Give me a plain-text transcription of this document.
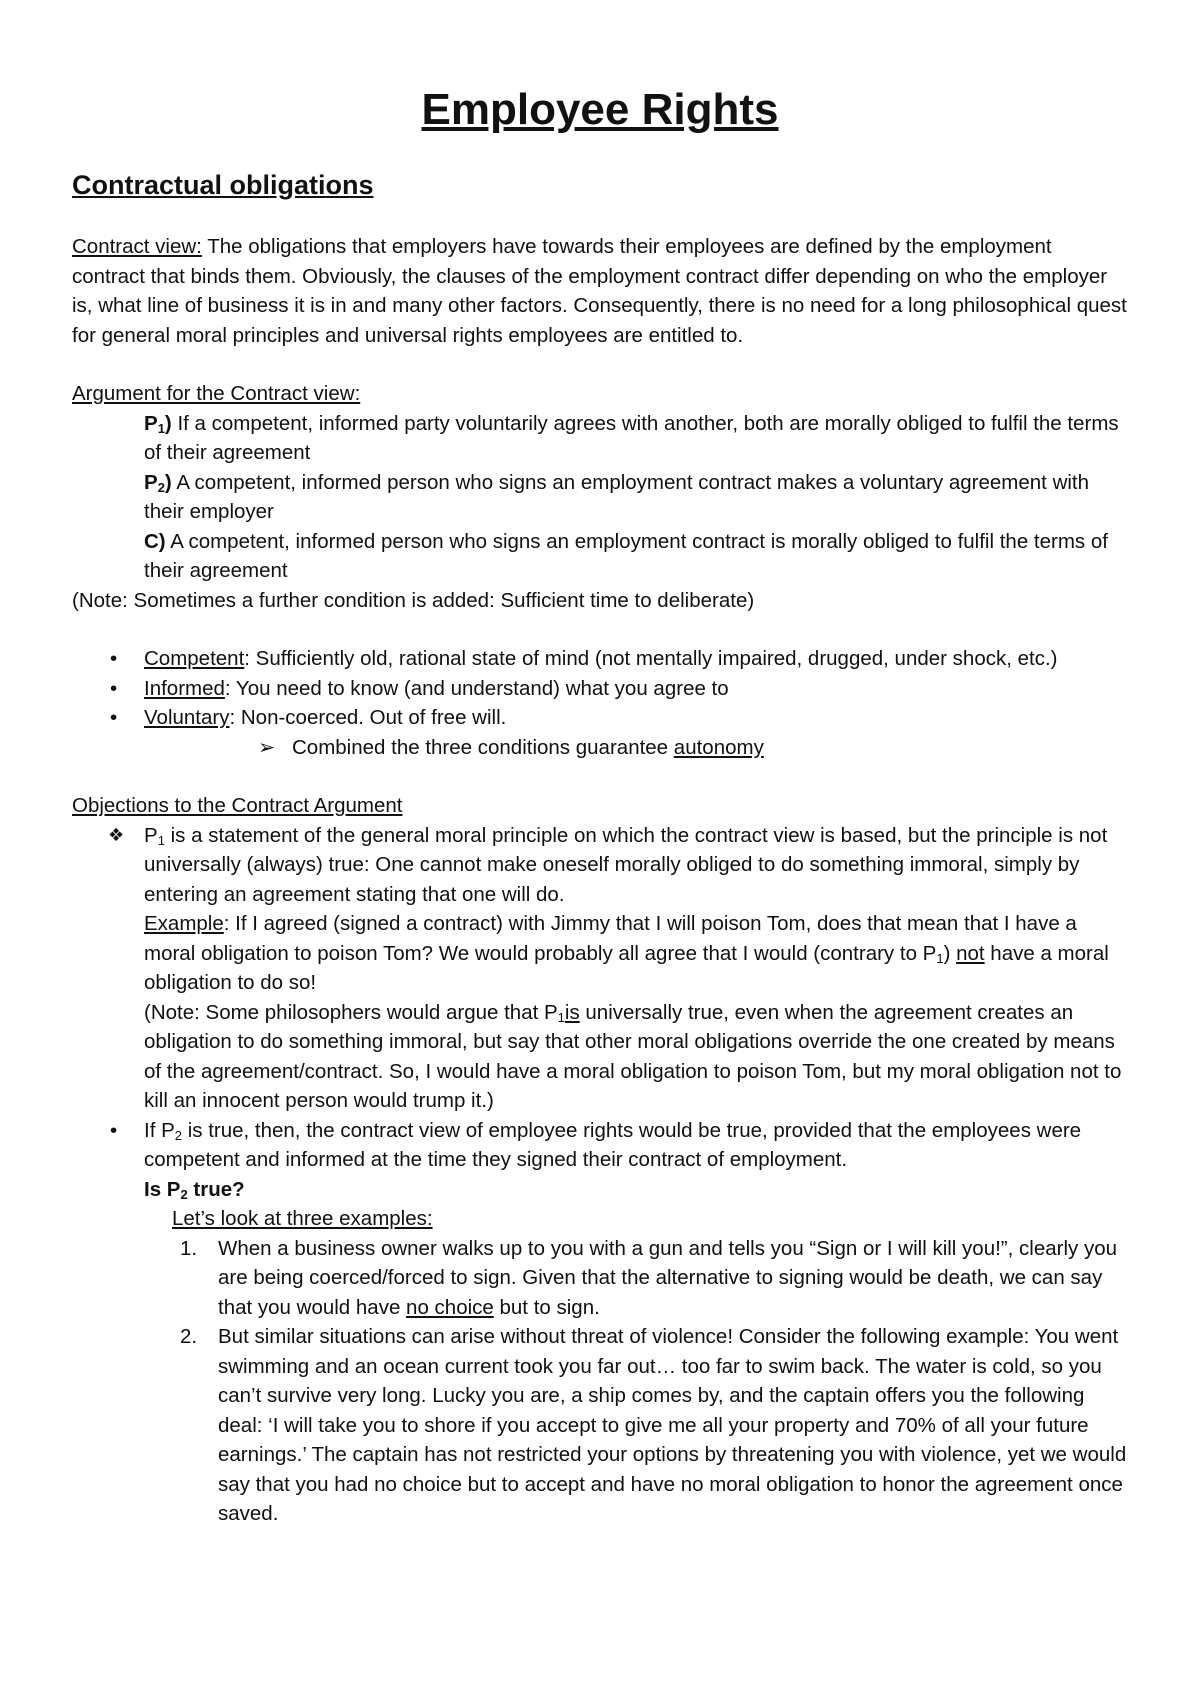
Employee Rights
Contractual obligations

Contract view: The obligations that employers have towards their employees are defined by the employment contract that binds them. Obviously, the clauses of the employment contract differ depending on who the employer is, what line of business it is in and many other factors. Consequently, there is no need for a long philosophical quest for general moral principles and universal rights employees are entitled to.

Argument for the Contract view:

$P_1$) If a competent, informed party voluntarily agrees with another, both are morally obliged to fulfil the terms of their agreement

$P_2$) A competent, informed person who signs an employment contract makes a voluntary agreement with their employer

C) A competent, informed person who signs an employment contract is morally obliged to fulfil the terms of their agreement

(Note: Sometimes a further condition is added: Sufficient time to deliberate)

•	Competent: Sufficiently old, rational state of mind (not mentally impaired, drugged, under shock, etc.)
•	Informed: You need to know (and understand) what you agree to
•	Voluntary: Non-coerced. Out of free will.
➢ Combined the three conditions guarantee autonomy

Objections to the Contract Argument

❖ $P_1$ is a statement of the general moral principle on which the contract view is based, but the principle is not universally (always) true: One cannot make oneself morally obliged to do something immoral, simply by entering an agreement stating that one will do.
Example: If I agreed (signed a contract) with Jimmy that I will poison Tom, does that mean that I have a moral obligation to poison Tom? We would probably all agree that I would (contrary to $P_1$) not have a moral obligation to do so!
(Note: Some philosophers would argue that $P_1is$ universally true, even when the agreement creates an obligation to do something immoral, but say that other moral obligations override the one created by means of the agreement/contract. So, I would have a moral obligation to poison Tom, but my moral obligation not to kill an innocent person would trump it.)
•	If $P_2$ is true, then, the contract view of employee rights would be true, provided that the employees were competent and informed at the time they signed their contract of employment.
Is $P_2$ true?
Let’s look at three examples:
1.	When a business owner walks up to you with a gun and tells you “Sign or I will kill you!”, clearly you are being coerced/forced to sign. Given that the alternative to signing would be death, we can say that you would have no choice but to sign.
2.	But similar situations can arise without threat of violence! Consider the following example: You went swimming and an ocean current took you far out… too far to swim back. The water is cold, so you can’t survive very long. Lucky you are, a ship comes by, and the captain offers you the following deal: ‘I will take you to shore if you accept to give me all your property and 70% of all your future earnings.’ The captain has not restricted your options by threatening you with violence, yet we would say that you had no choice but to accept and have no moral obligation to honor the agreement once saved.
